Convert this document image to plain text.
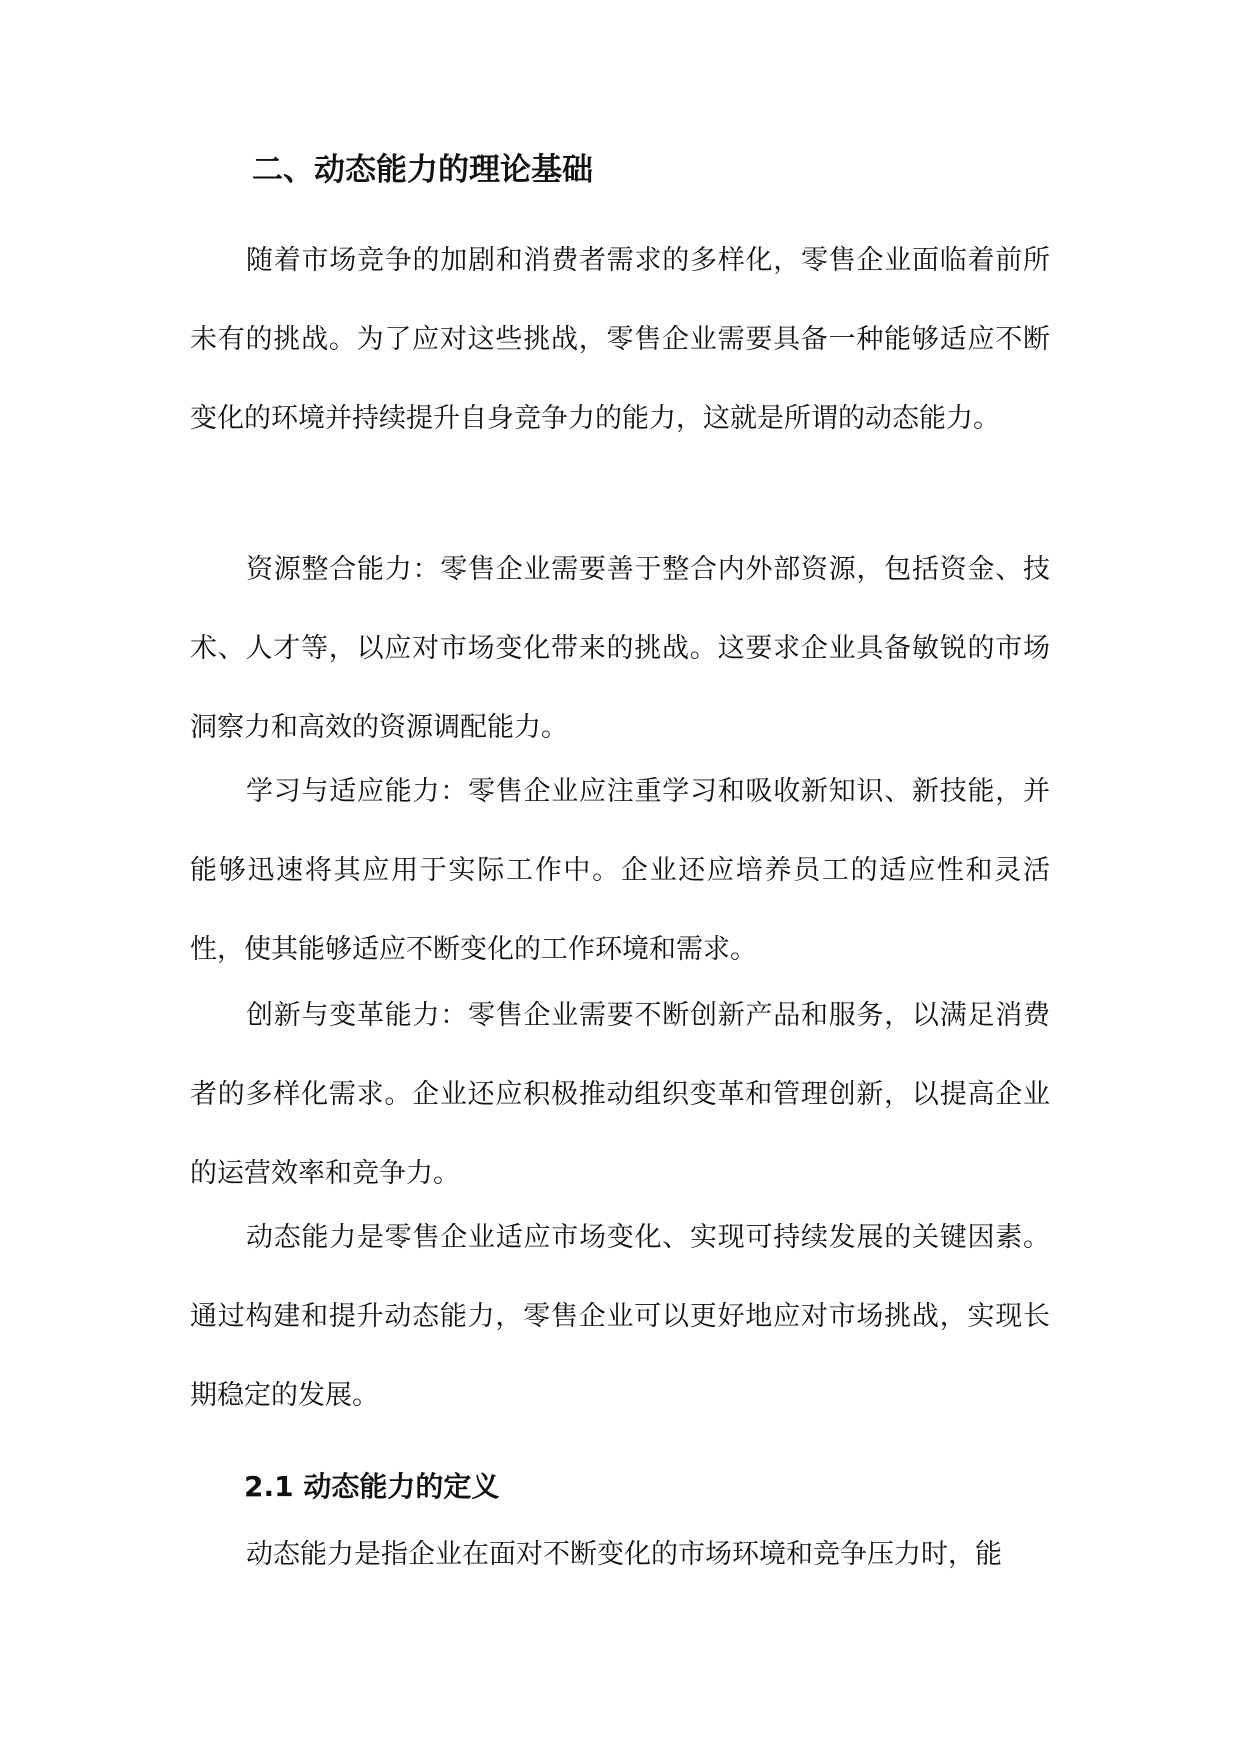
二、动态能力的理论基础

随着市场竞争的加剧和消费者需求的多样化，零售企业面临着前所未有的挑战。为了应对这些挑战，零售企业需要具备一种能够适应不断变化的环境并持续提升自身竞争力的能力，这就是所谓的动态能力。

资源整合能力：零售企业需要善于整合内外部资源，包括资金、技术、人才等，以应对市场变化带来的挑战。这要求企业具备敏锐的市场洞察力和高效的资源调配能力。

学习与适应能力：零售企业应注重学习和吸收新知识、新技能，并能够迅速将其应用于实际工作中。企业还应培养员工的适应性和灵活性，使其能够适应不断变化的工作环境和需求。

创新与变革能力：零售企业需要不断创新产品和服务，以满足消费者的多样化需求。企业还应积极推动组织变革和管理创新，以提高企业的运营效率和竞争力。

动态能力是零售企业适应市场变化、实现可持续发展的关键因素。通过构建和提升动态能力，零售企业可以更好地应对市场挑战，实现长期稳定的发展。

2.1 动态能力的定义

动态能力是指企业在面对不断变化的市场环境和竞争压力时，能
